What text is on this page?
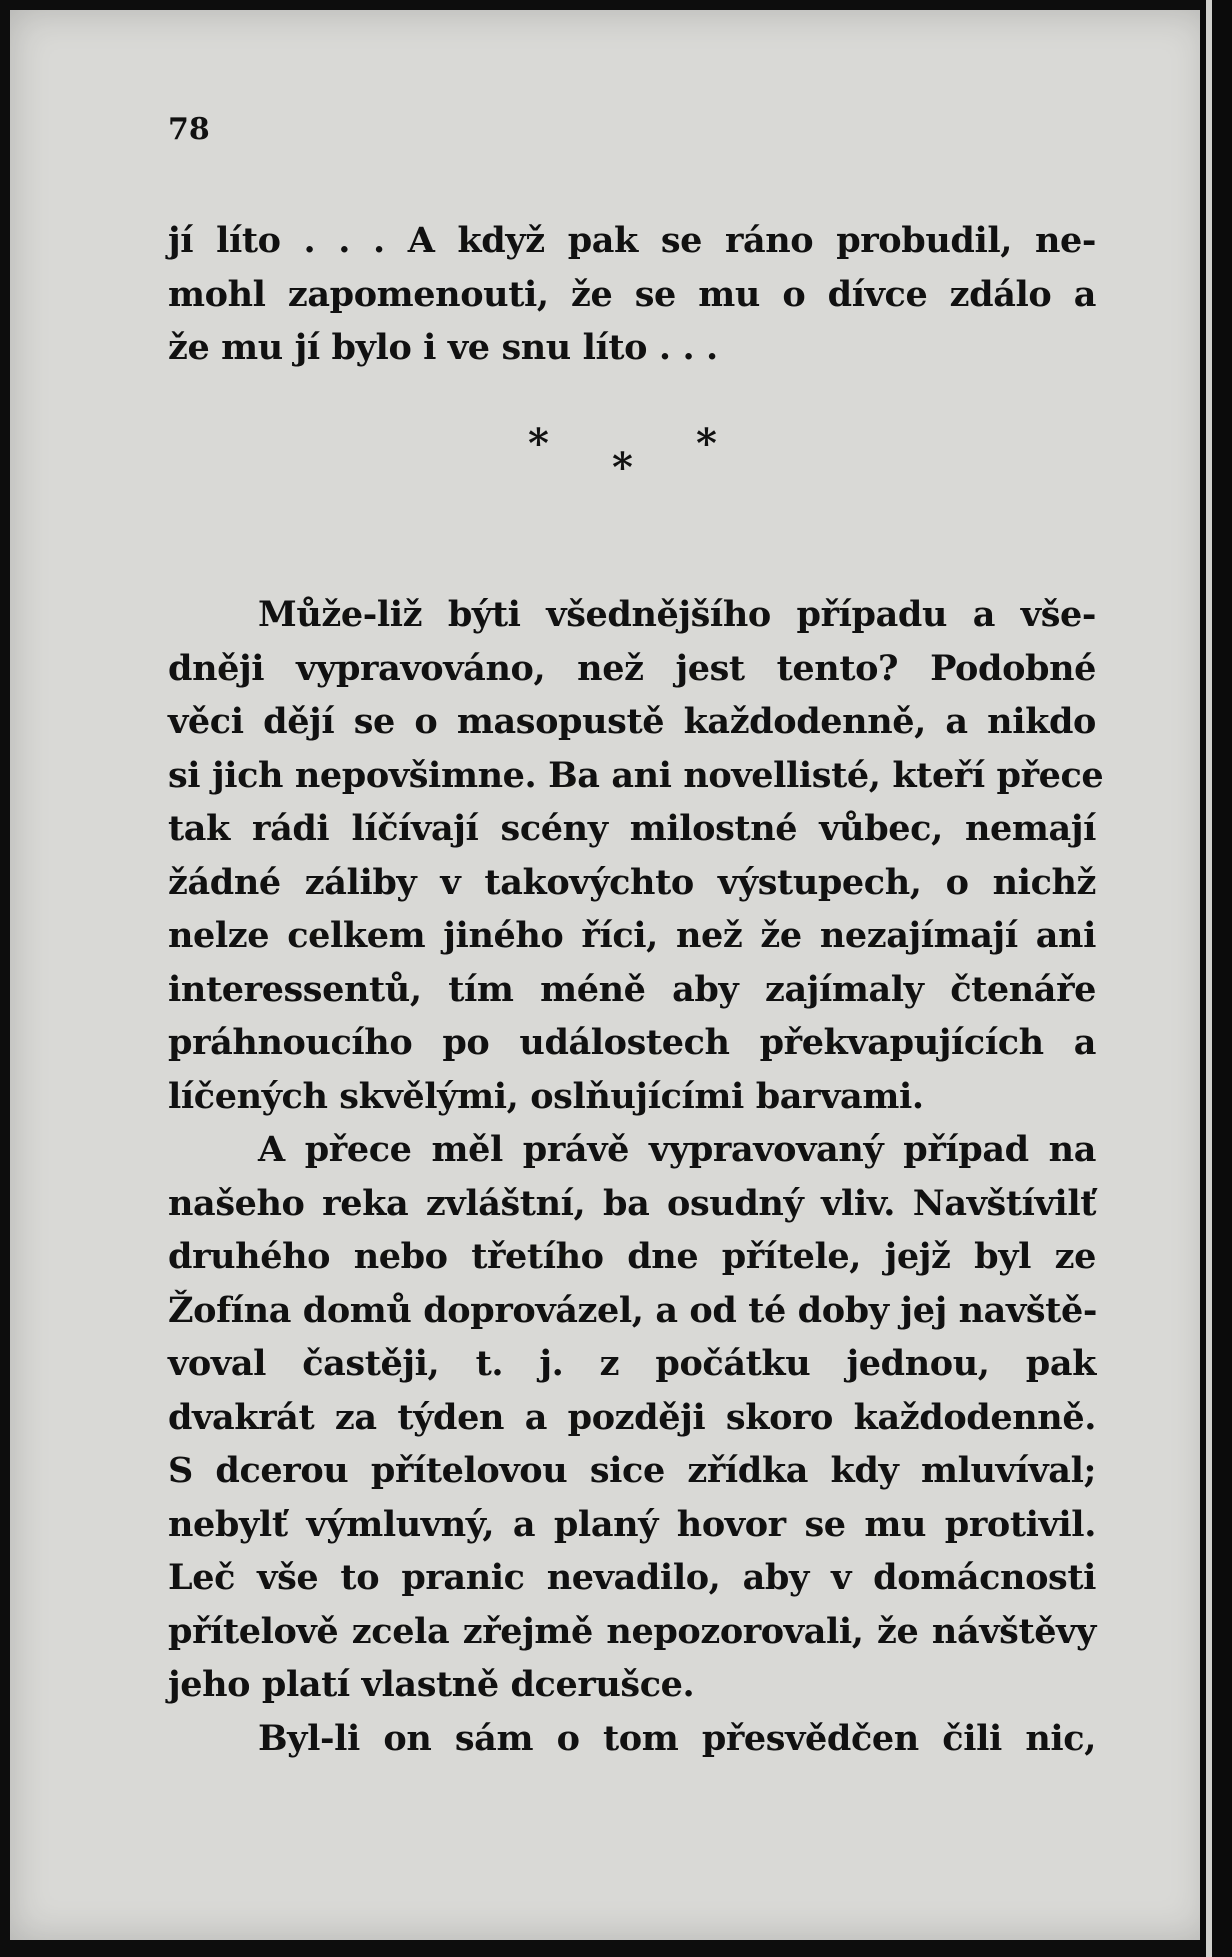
78
jí líto . . . A když pak se ráno probudil, ne-
mohl zapomenouti, že se mu o dívce zdálo a
že mu jí bylo i ve snu líto . . .
*
*
*
Může-liž býti všednějšího případu a vše-
dněji vypravováno, než jest tento? Podobné
věci dějí se o masopustě každodenně, a nikdo
si jich nepovšimne. Ba ani novellisté, kteří přece
tak rádi líčívají scény milostné vůbec, nemají
žádné záliby v takovýchto výstupech, o nichž
nelze celkem jiného říci, než že nezajímají ani
interessentů, tím méně aby zajímaly čtenáře
práhnoucího po událostech překvapujících a
líčených skvělými, oslňujícími barvami.
A přece měl právě vypravovaný případ na
našeho reka zvláštní, ba osudný vliv. Navštívilť
druhého nebo třetího dne přítele, jejž byl ze
Žofína domů doprovázel, a od té doby jej navště-
voval častěji, t. j. z počátku jednou, pak
dvakrát za týden a později skoro každodenně.
S dcerou přítelovou sice zřídka kdy mluvíval;
nebylť výmluvný, a planý hovor se mu protivil.
Leč vše to pranic nevadilo, aby v domácnosti
přítelově zcela zřejmě nepozorovali, že návštěvy
jeho platí vlastně dcerušce.
Byl-li on sám o tom přesvědčen čili nic,
